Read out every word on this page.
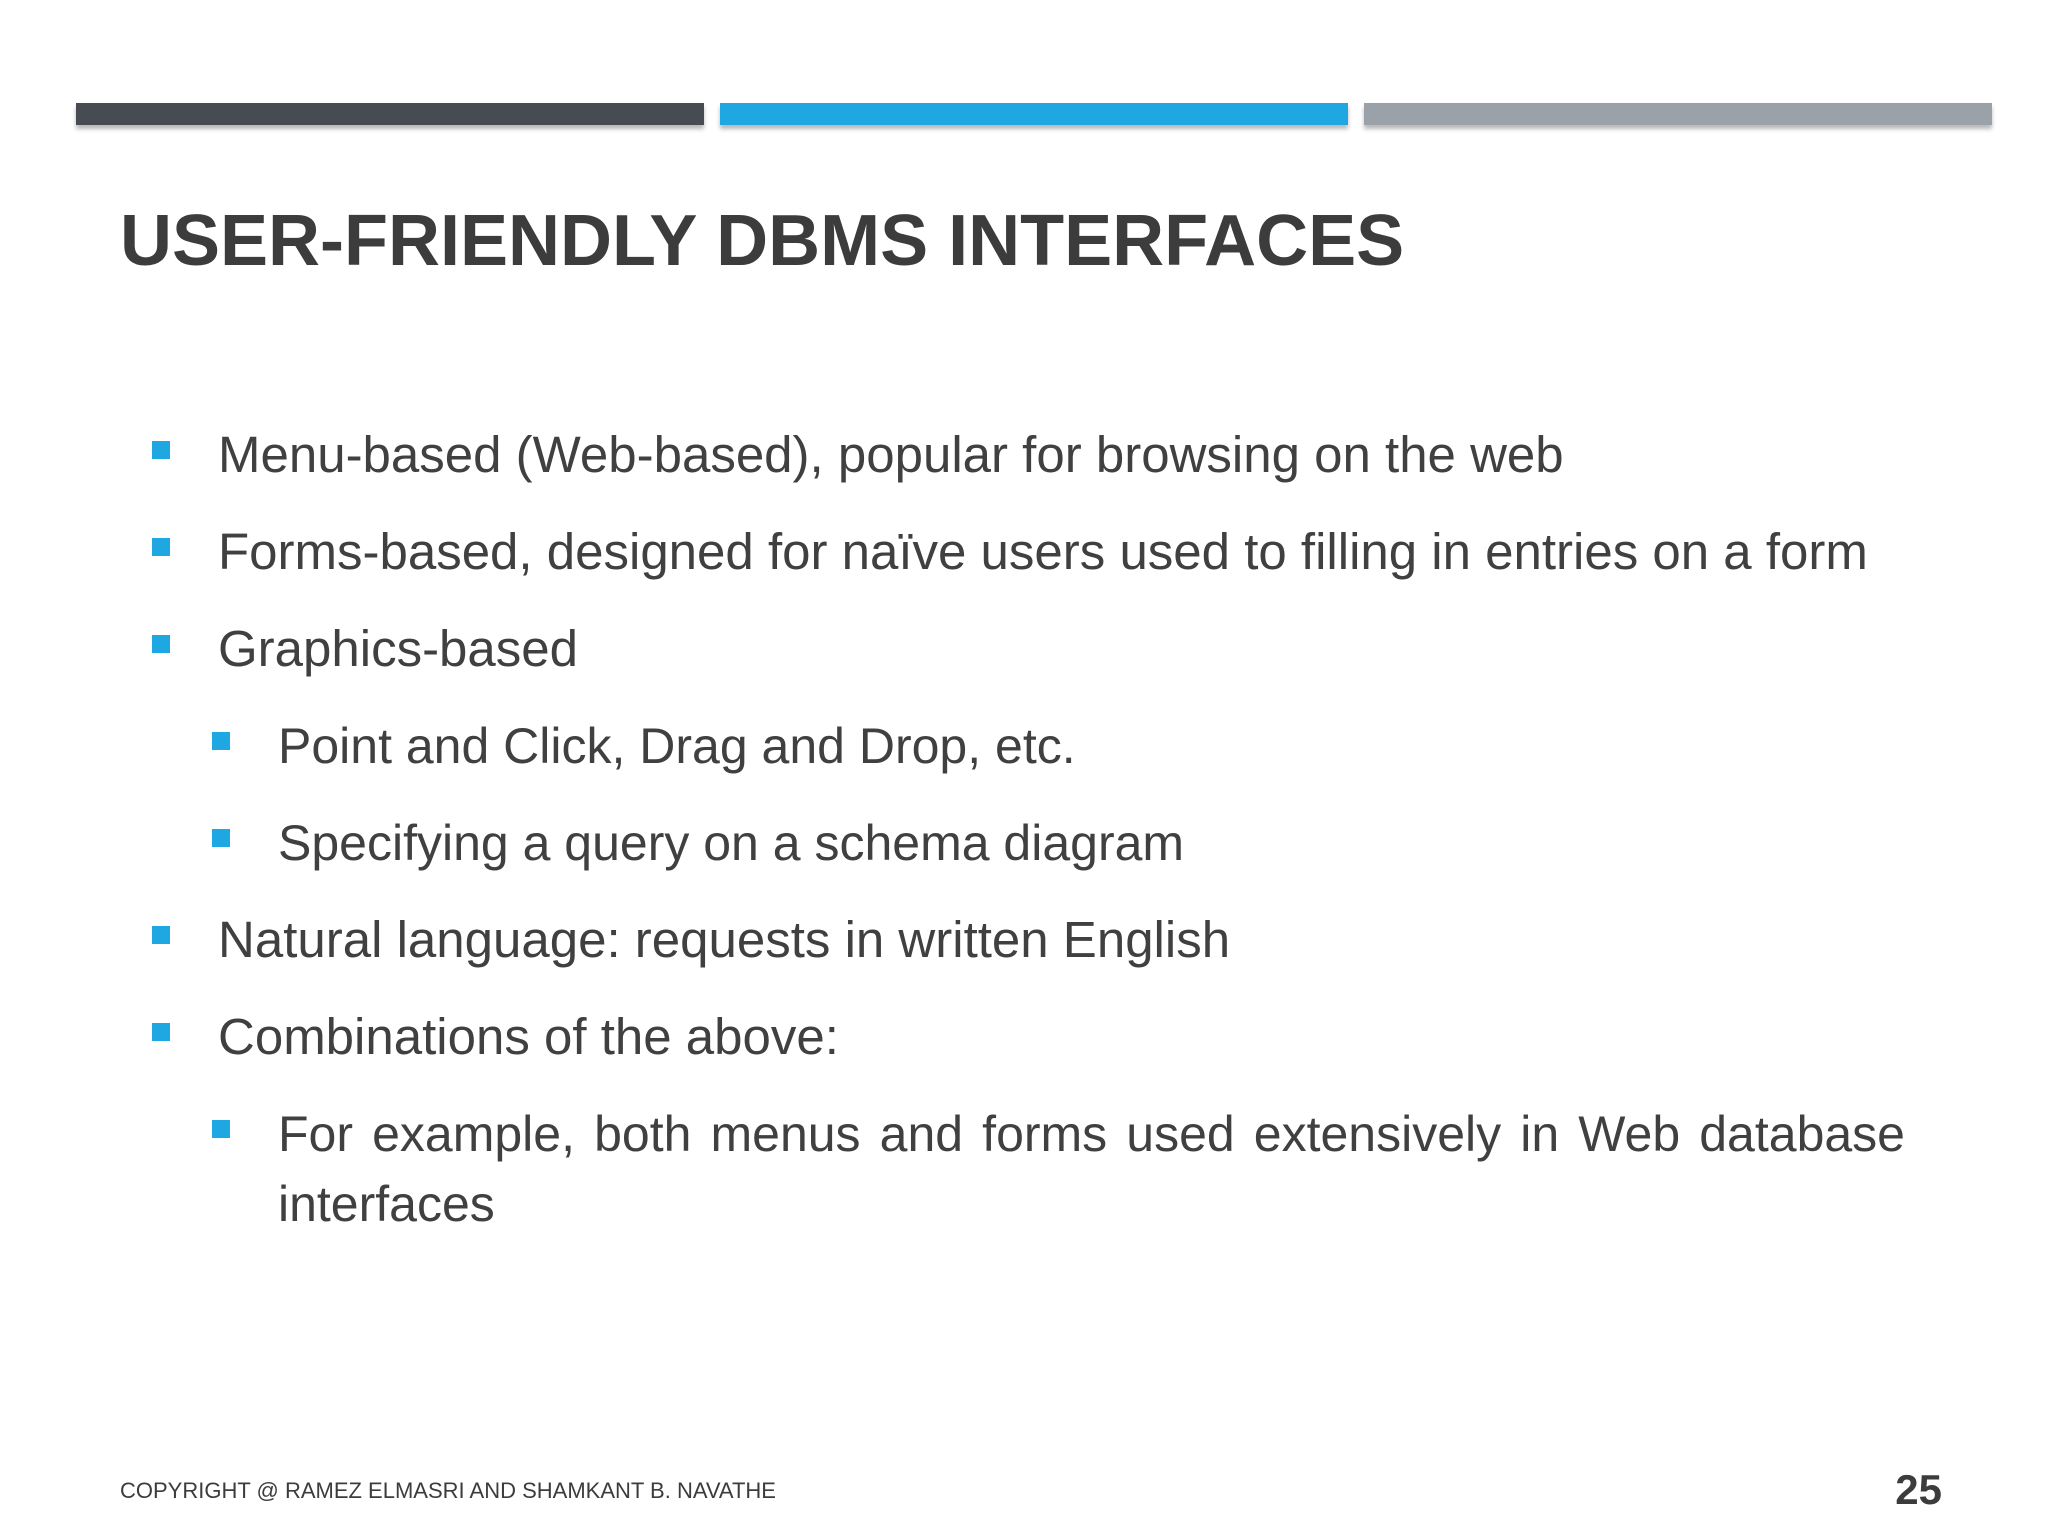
USER-FRIENDLY DBMS INTERFACES
Menu-based (Web-based), popular for browsing on the web
Forms-based, designed for naïve users used to filling in entries on a form
Graphics-based
Point and Click, Drag and Drop, etc.
Specifying a query on a schema diagram
Natural language: requests in written English
Combinations of the above:
For example, both menus and forms used extensively in Web database interfaces
COPYRIGHT @ RAMEZ ELMASRI AND SHAMKANT B. NAVATHE	25
